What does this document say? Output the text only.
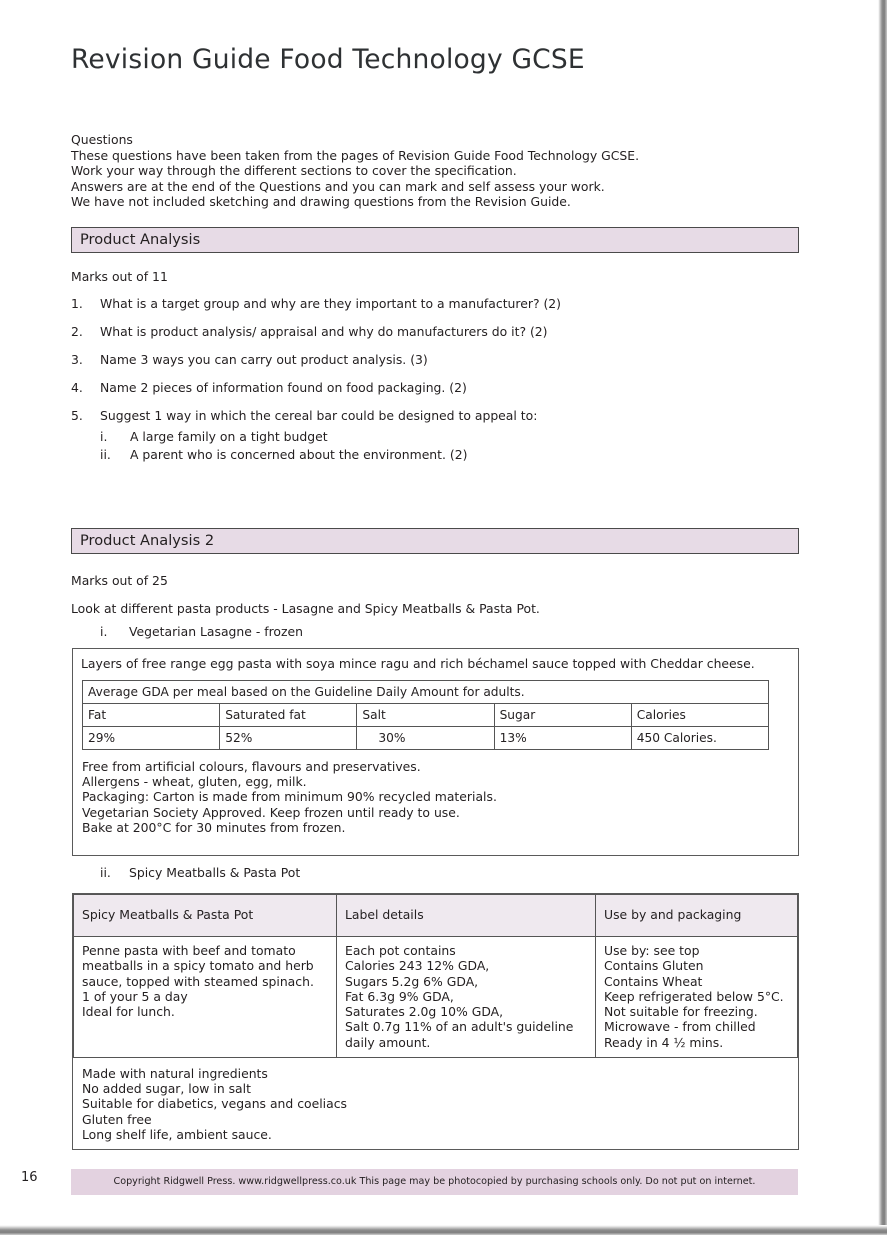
Revision Guide Food Technology GCSE
Questions
These questions have been taken from the pages of Revision Guide Food Technology GCSE.
Work your way through the different sections to cover the specification.
Answers are at the end of the Questions and you can mark and self assess your work.
We have not included sketching and drawing questions from the Revision Guide.
Product Analysis
Marks out of 11
1.	What is a target group and why are they important to a manufacturer? (2)
2.	What is product analysis/ appraisal and why do manufacturers do it? (2)
3.	Name 3 ways you can carry out product analysis. (3)
4.	Name 2 pieces of information found on food packaging. (2)
5.	Suggest 1 way in which the cereal bar could be designed to appeal to:
i.	A large family on a tight budget
ii.	A parent who is concerned about the environment. (2)
Product Analysis 2
Marks out of 25
Look at different pasta products - Lasagne and Spicy Meatballs & Pasta Pot.
i. Vegetarian Lasagne - frozen
Layers of free range egg pasta with soya mince ragu and rich béchamel sauce topped with Cheddar cheese.
Average GDA per meal based on the Guideline Daily Amount for adults.				
Fat	Saturated fat	Salt	Sugar	Calories
29%	52%	30%	13%	450 Calories.
Free from artificial colours, flavours and preservatives.
Allergens - wheat, gluten, egg, milk.
Packaging: Carton is made from minimum 90% recycled materials.
Vegetarian Society Approved. Keep frozen until ready to use.
Bake at 200°C for 30 minutes from frozen.
ii. Spicy Meatballs & Pasta Pot
Spicy Meatballs & Pasta Pot	Label details	Use by and packaging

Penne pasta with beef and tomato
meatballs in a spicy tomato and herb
sauce, topped with steamed spinach.
1 of your 5 a day
Ideal for lunch.

Each pot contains
Calories 243 12% GDA,
Sugars 5.2g 6% GDA,
Fat 6.3g 9% GDA,
Saturates 2.0g 10% GDA,
Salt 0.7g 11% of an adult's guideline
daily amount.

Use by: see top
Contains Gluten
Contains Wheat
Keep refrigerated below 5°C.
Not suitable for freezing.
Microwave - from chilled
Ready in 4 ½ mins.
Made with natural ingredients
No added sugar, low in salt
Suitable for diabetics, vegans and coeliacs
Gluten free
Long shelf life, ambient sauce.
16	Copyright Ridgwell Press. www.ridgwellpress.co.uk This page may be photocopied by purchasing schools only. Do not put on internet.
